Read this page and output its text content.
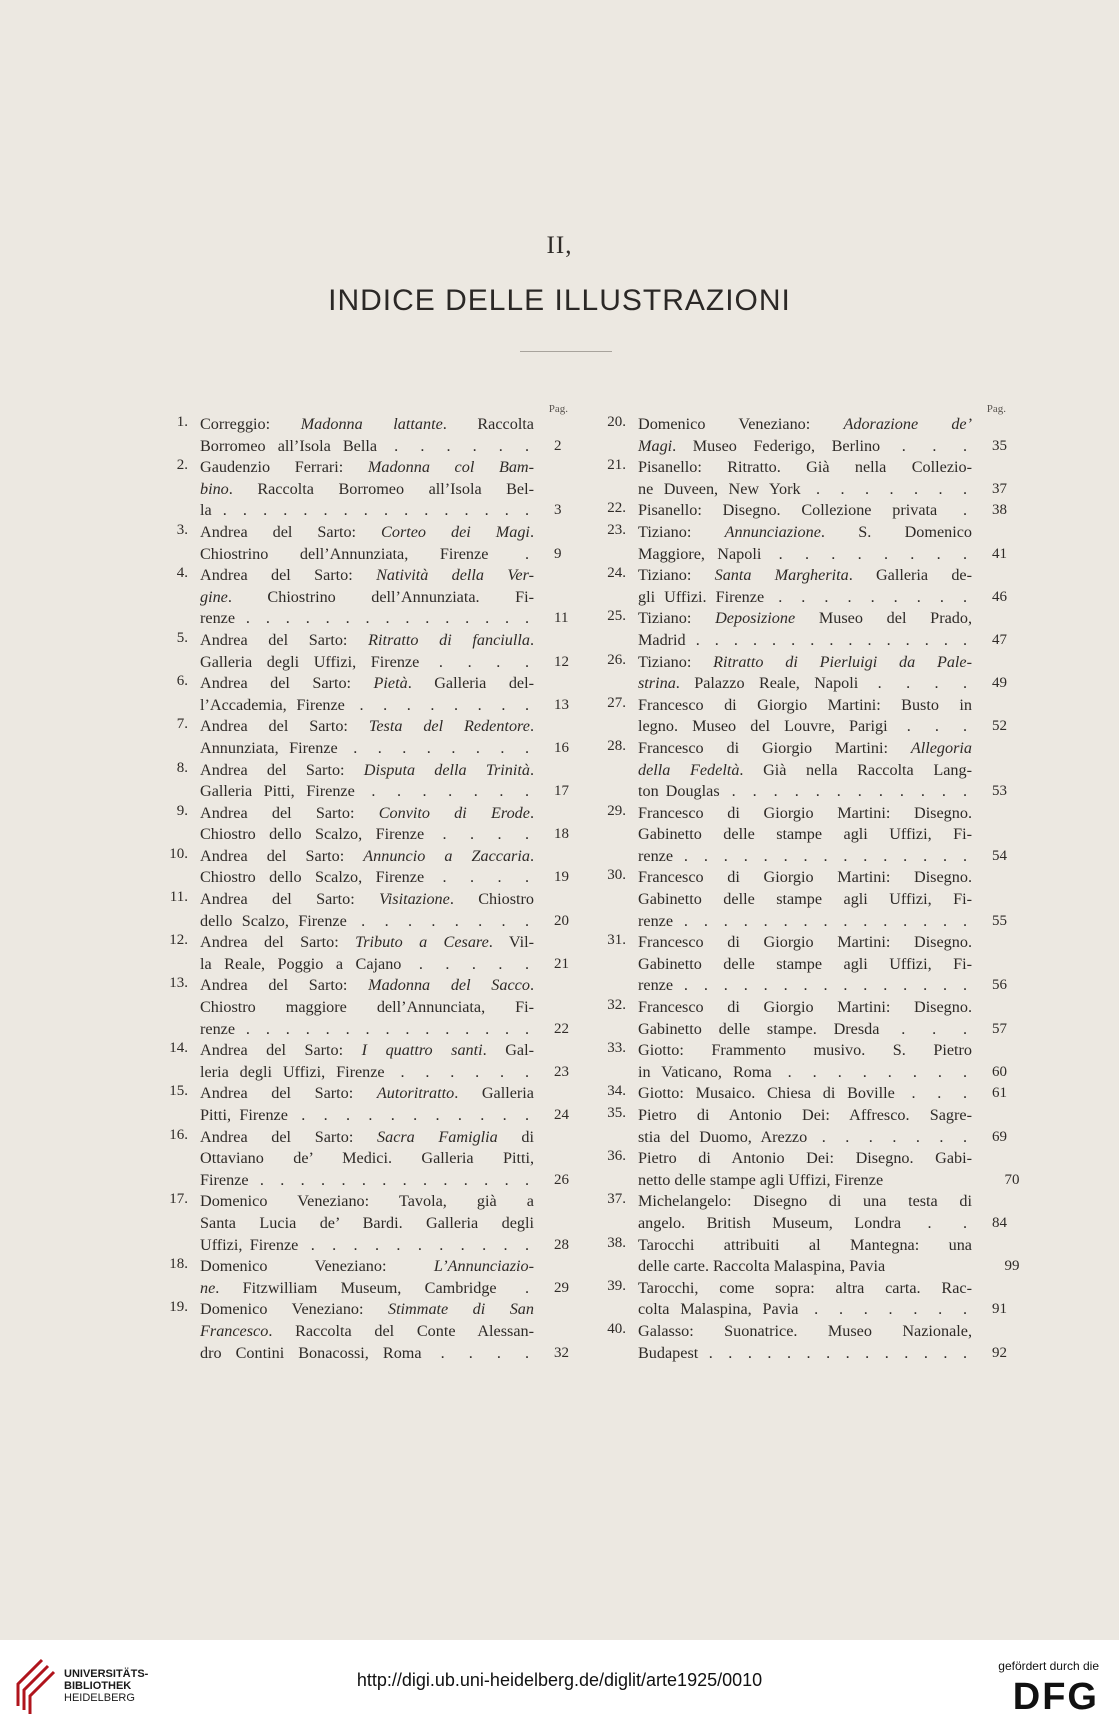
II,
INDICE DELLE ILLUSTRAZIONI
Pag.
1. Correggio: Madonna lattante. Raccolta
Borromeo all’Isola Bella . . . . . . 2
2. Gaudenzio Ferrari: Madonna col Bam-
bino. Raccolta Borromeo all’Isola Bel-
la . . . . . . . . . . . . . . . . 3
3. Andrea del Sarto: Corteo dei Magi.
Chiostrino dell’Annunziata, Firenze . 9
4. Andrea del Sarto: Natività della Ver-
gine. Chiostrino dell’Annunziata. Fi-
renze . . . . . . . . . . . . . . . 11
5. Andrea del Sarto: Ritratto di fanciulla.
Galleria degli Uffizi, Firenze . . . . 12
6. Andrea del Sarto: Pietà. Galleria del-
l’Accademia, Firenze . . . . . . . . 13
7. Andrea del Sarto: Testa del Redentore.
Annunziata, Firenze . . . . . . . . 16
8. Andrea del Sarto: Disputa della Trinità.
Galleria Pitti, Firenze . . . . . . . 17
9. Andrea del Sarto: Convito di Erode.
Chiostro dello Scalzo, Firenze . . . . 18
10. Andrea del Sarto: Annuncio a Zaccaria.
Chiostro dello Scalzo, Firenze . . . . 19
11. Andrea del Sarto: Visitazione. Chiostro
dello Scalzo, Firenze . . . . . . . . 20
12. Andrea del Sarto: Tributo a Cesare. Vil-
la Reale, Poggio a Cajano . . . . . 21
13. Andrea del Sarto: Madonna del Sacco.
Chiostro maggiore dell’Annunciata, Fi-
renze . . . . . . . . . . . . . . . 22
14. Andrea del Sarto: I quattro santi. Gal-
leria degli Uffizi, Firenze . . . . . . 23
15. Andrea del Sarto: Autoritratto. Galleria
Pitti, Firenze . . . . . . . . . . . 24
16. Andrea del Sarto: Sacra Famiglia di
Ottaviano de’ Medici. Galleria Pitti,
Firenze . . . . . . . . . . . . . . 26
17. Domenico Veneziano: Tavola, già a
Santa Lucia de’ Bardi. Galleria degli
Uffizi, Firenze . . . . . . . . . . . 28
18. Domenico Veneziano: L’Annunciazio-
ne. Fitzwilliam Museum, Cambridge . 29
19. Domenico Veneziano: Stimmate di San
Francesco. Raccolta del Conte Alessan-
dro Contini Bonacossi, Roma . . . . 32
Pag.
20. Domenico Veneziano: Adorazione de’
Magi. Museo Federigo, Berlino . . . 35
21. Pisanello: Ritratto. Già nella Collezio-
ne Duveen, New York . . . . . . . 37
22. Pisanello: Disegno. Collezione privata . 38
23. Tiziano: Annunciazione. S. Domenico
Maggiore, Napoli . . . . . . . . 41
24. Tiziano: Santa Margherita. Galleria de-
gli Uffizi. Firenze . . . . . . . . . 46
25. Tiziano: Deposizione Museo del Prado,
Madrid . . . . . . . . . . . . . . . 47
26. Tiziano: Ritratto di Pierluigi da Pale-
strina. Palazzo Reale, Napoli . . . . 49
27. Francesco di Giorgio Martini: Busto in
legno. Museo del Louvre, Parigi . . . 52
28. Francesco di Giorgio Martini: Allegoria
della Fedeltà. Già nella Raccolta Lang-
ton Douglas . . . . . . . . . . . . 53
29. Francesco di Giorgio Martini: Disegno.
Gabinetto delle stampe agli Uffizi, Fi-
renze . . . . . . . . . . . . . . . 54
30. Francesco di Giorgio Martini: Disegno.
Gabinetto delle stampe agli Uffizi, Fi-
renze . . . . . . . . . . . . . . . 55
31. Francesco di Giorgio Martini: Disegno.
Gabinetto delle stampe agli Uffizi, Fi-
renze . . . . . . . . . . . . . . . 56
32. Francesco di Giorgio Martini: Disegno.
Gabinetto delle stampe. Dresda . . . 57
33. Giotto: Frammento musivo. S. Pietro
in Vaticano, Roma . . . . . . . . 60
34. Giotto: Musaico. Chiesa di Boville . . . 61
35. Pietro di Antonio Dei: Affresco. Sagre-
stia del Duomo, Arezzo . . . . . . . 69
36. Pietro di Antonio Dei: Disegno. Gabi-
netto delle stampe agli Uffizi, Firenze	70
37. Michelangelo: Disegno di una testa di
angelo. British Museum, Londra . . 84
38. Tarocchi attribuiti al Mantegna: una
delle carte. Raccolta Malaspina, Pavia	99
39. Tarocchi, come sopra: altra carta. Rac-
colta Malaspina, Pavia . . . . . . . 91
40. Galasso: Suonatrice. Museo Nazionale,
Budapest . . . . . . . . . . . . . . 92
UNIVERSITÄTS-
BIBLIOTHEK
HEIDELBERG
http://digi.ub.uni-heidelberg.de/diglit/arte1925/0010
gefördert durch die
DFG
